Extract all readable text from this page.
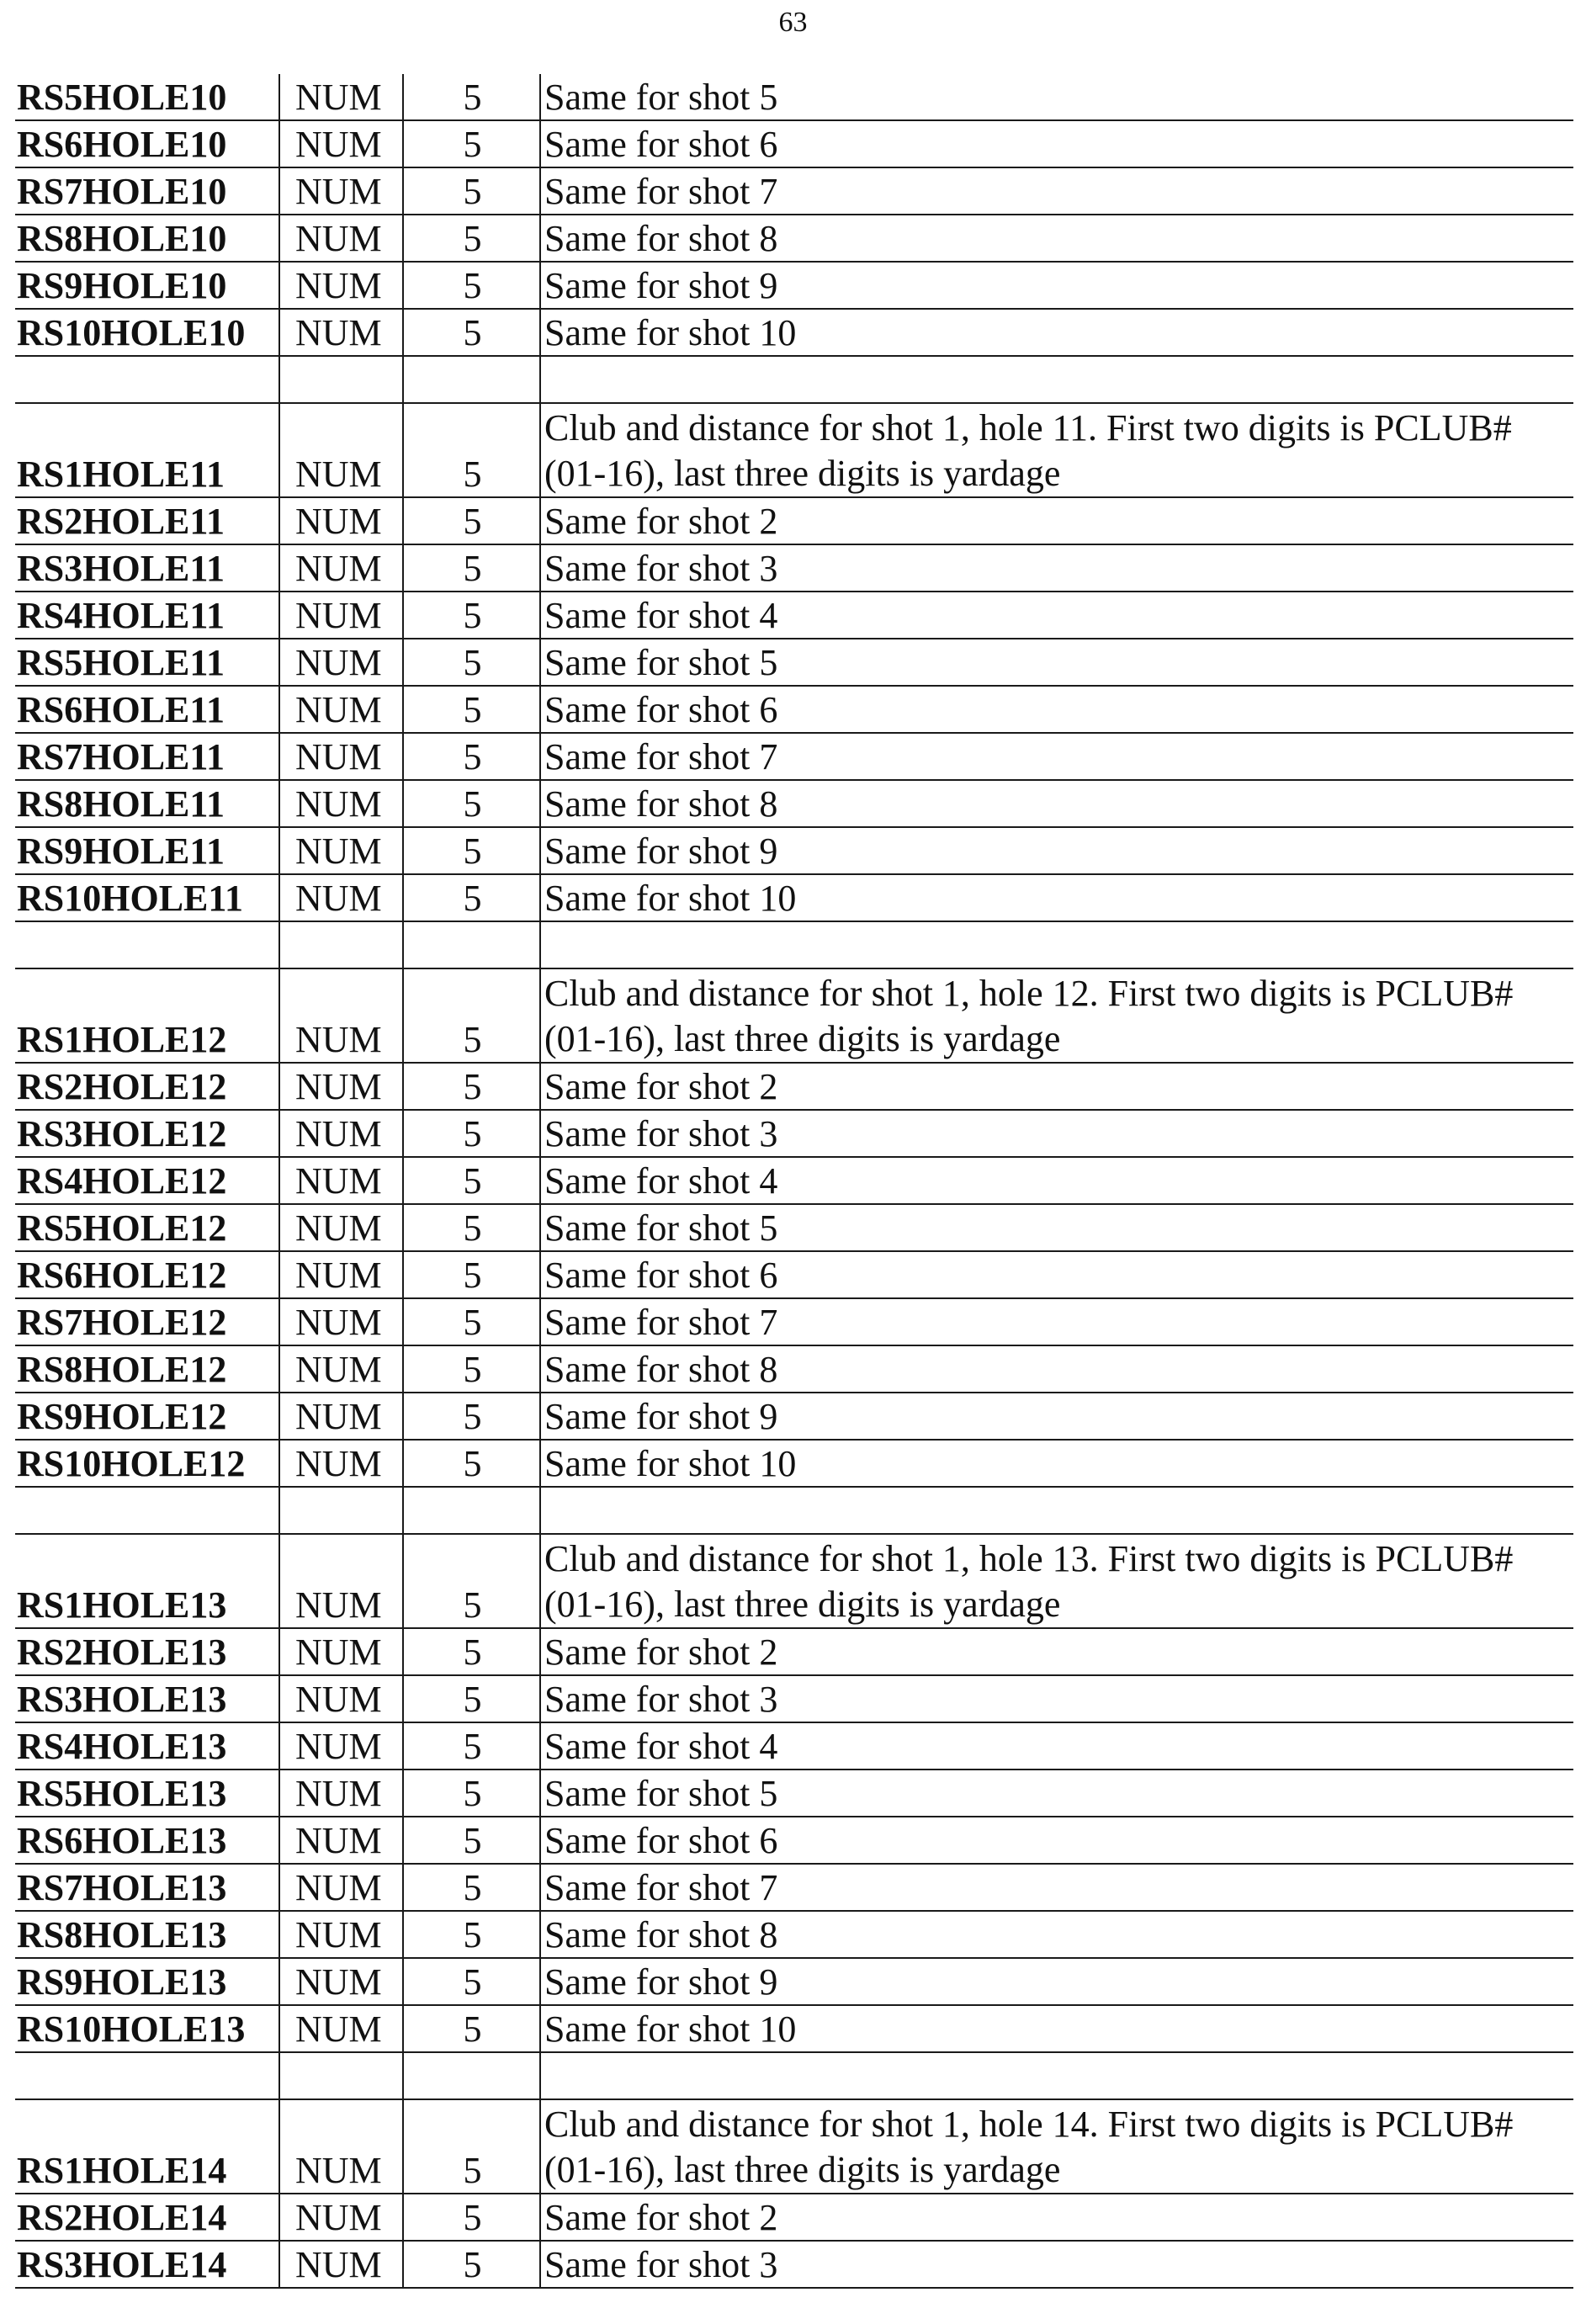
63
RS5HOLE10	NUM	5	Same for shot 5
RS6HOLE10	NUM	5	Same for shot 6
RS7HOLE10	NUM	5	Same for shot 7
RS8HOLE10	NUM	5	Same for shot 8
RS9HOLE10	NUM	5	Same for shot 9
RS10HOLE10	NUM	5	Same for shot 10

RS1HOLE11	NUM	5	Club and distance for shot 1, hole 11. First two digits is PCLUB# (01-16), last three digits is yardage
RS2HOLE11	NUM	5	Same for shot 2
RS3HOLE11	NUM	5	Same for shot 3
RS4HOLE11	NUM	5	Same for shot 4
RS5HOLE11	NUM	5	Same for shot 5
RS6HOLE11	NUM	5	Same for shot 6
RS7HOLE11	NUM	5	Same for shot 7
RS8HOLE11	NUM	5	Same for shot 8
RS9HOLE11	NUM	5	Same for shot 9
RS10HOLE11	NUM	5	Same for shot 10

RS1HOLE12	NUM	5	Club and distance for shot 1, hole 12. First two digits is PCLUB# (01-16), last three digits is yardage
RS2HOLE12	NUM	5	Same for shot 2
RS3HOLE12	NUM	5	Same for shot 3
RS4HOLE12	NUM	5	Same for shot 4
RS5HOLE12	NUM	5	Same for shot 5
RS6HOLE12	NUM	5	Same for shot 6
RS7HOLE12	NUM	5	Same for shot 7
RS8HOLE12	NUM	5	Same for shot 8
RS9HOLE12	NUM	5	Same for shot 9
RS10HOLE12	NUM	5	Same for shot 10

RS1HOLE13	NUM	5	Club and distance for shot 1, hole 13. First two digits is PCLUB# (01-16), last three digits is yardage
RS2HOLE13	NUM	5	Same for shot 2
RS3HOLE13	NUM	5	Same for shot 3
RS4HOLE13	NUM	5	Same for shot 4
RS5HOLE13	NUM	5	Same for shot 5
RS6HOLE13	NUM	5	Same for shot 6
RS7HOLE13	NUM	5	Same for shot 7
RS8HOLE13	NUM	5	Same for shot 8
RS9HOLE13	NUM	5	Same for shot 9
RS10HOLE13	NUM	5	Same for shot 10

RS1HOLE14	NUM	5	Club and distance for shot 1, hole 14. First two digits is PCLUB# (01-16), last three digits is yardage
RS2HOLE14	NUM	5	Same for shot 2
RS3HOLE14	NUM	5	Same for shot 3
